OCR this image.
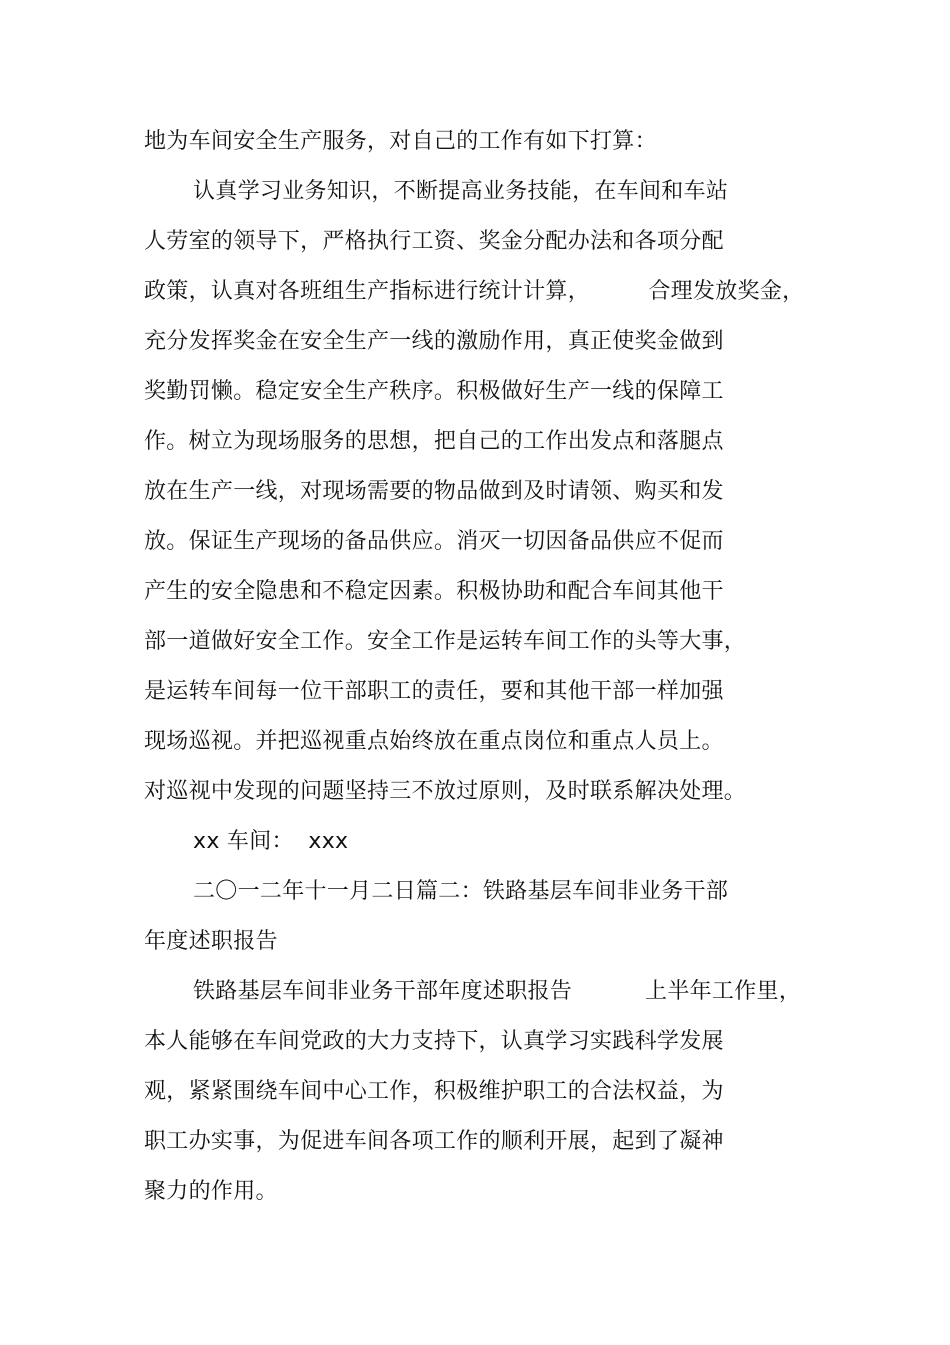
地为车间安全生产服务，对自己的工作有如下打算：
认真学习业务知识，不断提高业务技能，在车间和车站
人劳室的领导下，严格执行工资、奖金分配办法和各项分配
政策，认真对各班组生产指标进行统计计算，        合理发放奖金，
充分发挥奖金在安全生产一线的激励作用，真正使奖金做到
奖勤罚懒。稳定安全生产秩序。积极做好生产一线的保障工
作。树立为现场服务的思想，把自己的工作出发点和落腿点
放在生产一线，对现场需要的物品做到及时请领、购买和发
放。保证生产现场的备品供应。消灭一切因备品供应不促而
产生的安全隐患和不稳定因素。积极协助和配合车间其他干
部一道做好安全工作。安全工作是运转车间工作的头等大事，
是运转车间每一位干部职工的责任，要和其他干部一样加强
现场巡视。并把巡视重点始终放在重点岗位和重点人员上。
对巡视中发现的问题坚持三不放过原则，及时联系解决处理。
xx 车间：  xxx
二〇一二年十一月二日篇二：铁路基层车间非业务干部
年度述职报告
铁路基层车间非业务干部年度述职报告          上半年工作里，
本人能够在车间党政的大力支持下，认真学习实践科学发展
观，紧紧围绕车间中心工作，积极维护职工的合法权益，为
职工办实事，为促进车间各项工作的顺利开展，起到了凝神
聚力的作用。
